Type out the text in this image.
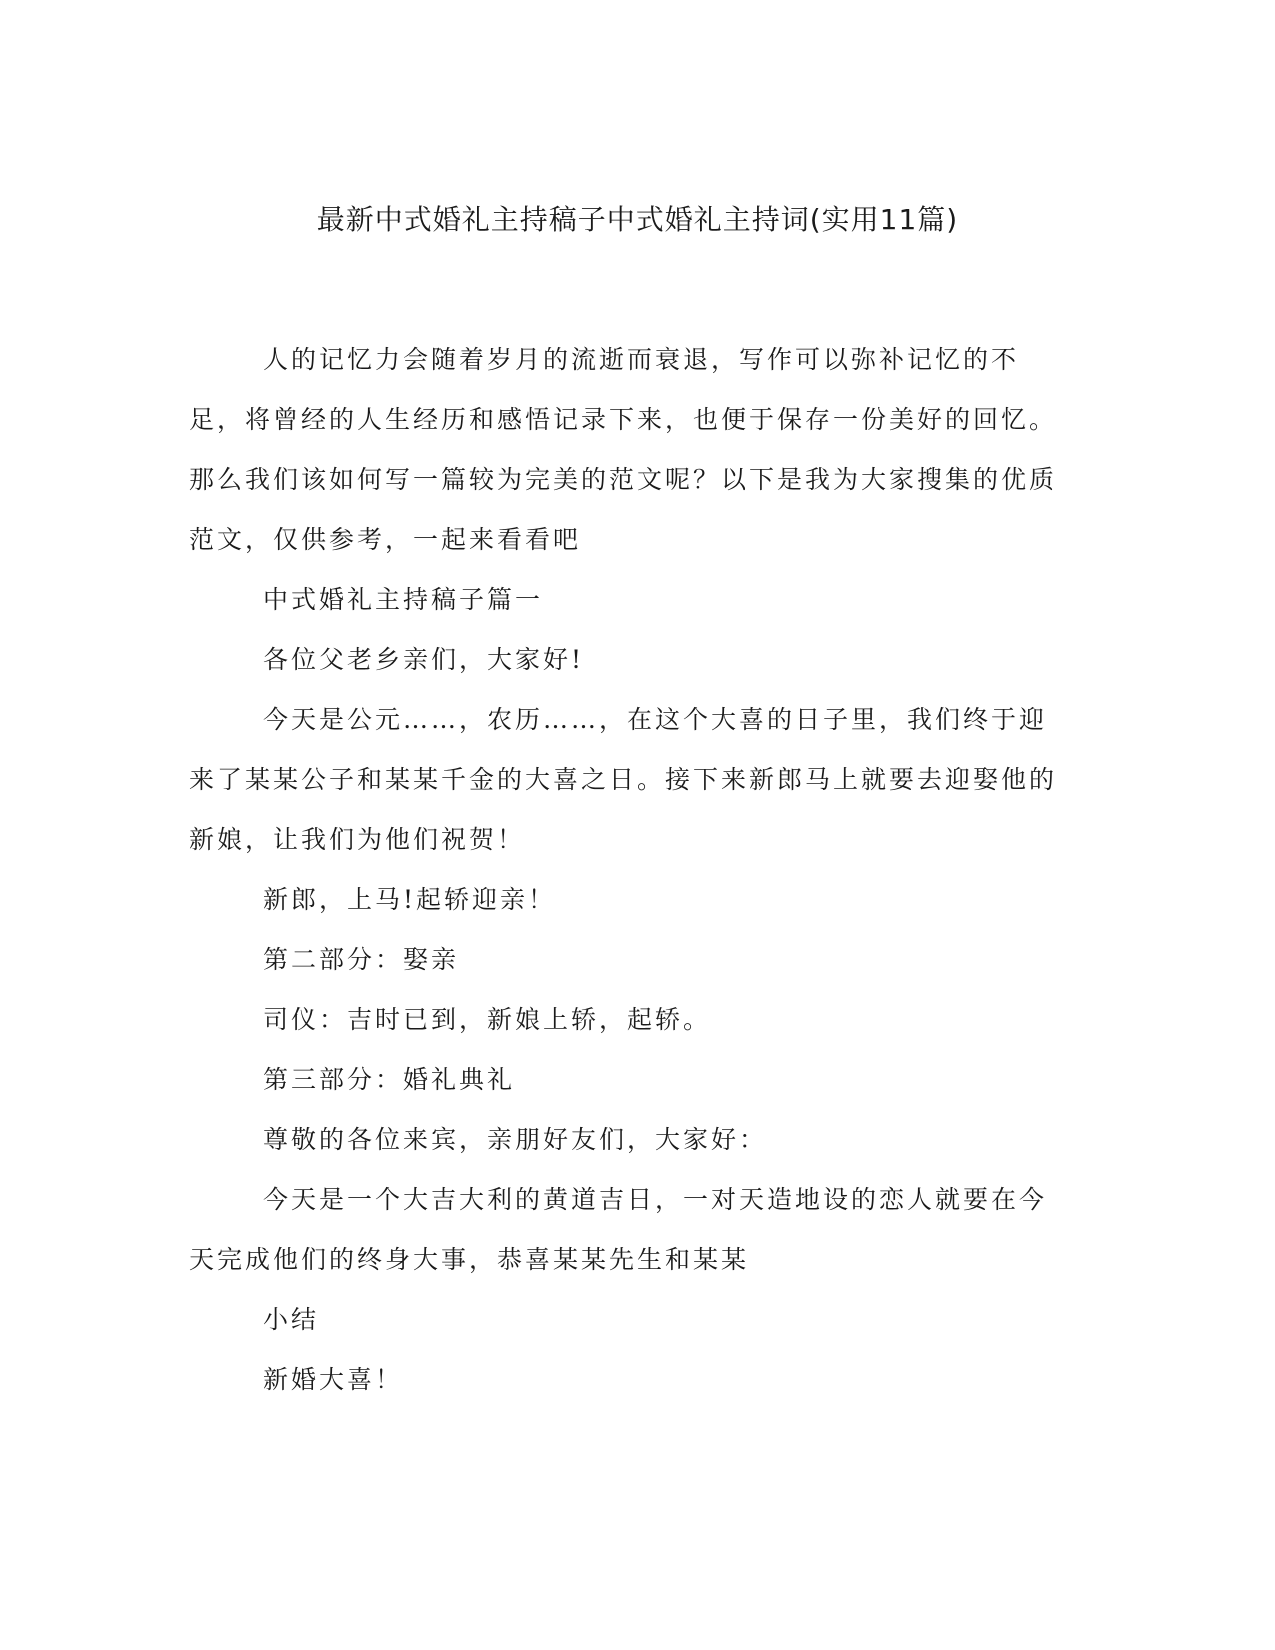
最新中式婚礼主持稿子中式婚礼主持词(实用11篇)

人的记忆力会随着岁月的流逝而衰退，写作可以弥补记忆的不足，将曾经的人生经历和感悟记录下来，也便于保存一份美好的回忆。那么我们该如何写一篇较为完美的范文呢？以下是我为大家搜集的优质范文，仅供参考，一起来看看吧

中式婚礼主持稿子篇一

各位父老乡亲们，大家好!

今天是公元……，农历……，在这个大喜的日子里，我们终于迎来了某某公子和某某千金的大喜之日。接下来新郎马上就要去迎娶他的新娘，让我们为他们祝贺！

新郎，上马!起轿迎亲！

第二部分：娶亲

司仪：吉时已到，新娘上轿，起轿。

第三部分：婚礼典礼

尊敬的各位来宾，亲朋好友们，大家好：

今天是一个大吉大利的黄道吉日，一对天造地设的恋人就要在今天完成他们的终身大事，恭喜某某先生和某某

小结

新婚大喜！
